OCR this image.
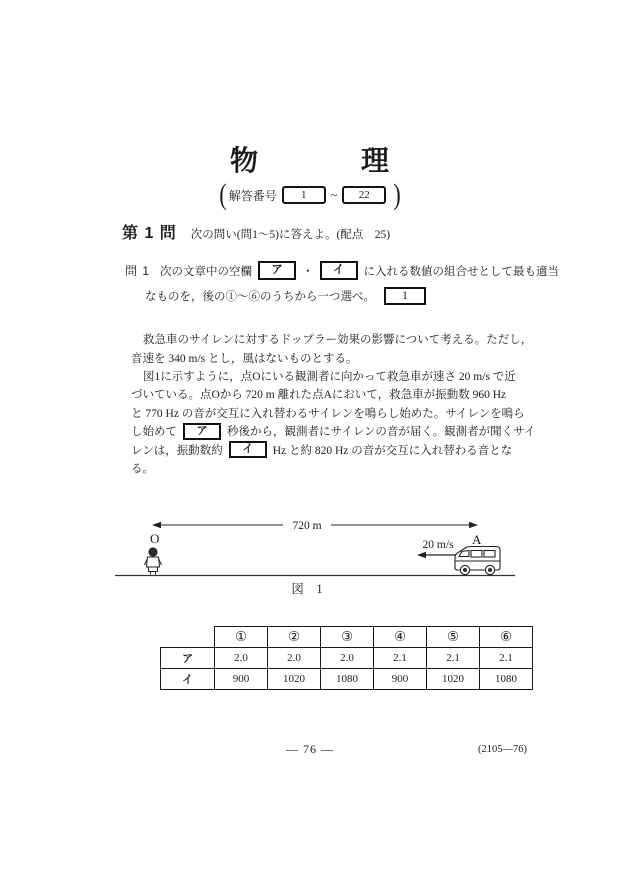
物	理
( 解答番号	1	~	22 )
第 1 問 次の問い(問1～5)に答えよ。(配点　25)
問 1 次の文章中の空欄	ア	・	イ	に入れる数値の組合せとして最も適当
なものを，後の①～⑥のうちから一つ選べ。	1
救急車のサイレンに対するドップラー効果の影響について考える。ただし，
音速を 340 m/s とし，風はないものとする。
図1に示すように，点Oにいる観測者に向かって救急車が速さ 20 m/s で近
づいている。点Oから 720 m 離れた点Aにおいて，救急車が振動数 960 Hz
と 770 Hz の音が交互に入れ替わるサイレンを鳴らし始めた。サイレンを鳴ら
し始めて	ア	秒後から，観測者にサイレンの音が届く。観測者が聞くサイ
レンは，振動数約	イ	Hz と約 820 Hz の音が交互に入れ替わる音とな
る。
720 m
O	A
20 m/s
図　1
	①	②	③	④	⑤	⑥
ア	2.0	2.0	2.0	2.1	2.1	2.1
イ	900	1020	1080	900	1020	1080
— 76 —	(2105—76)
